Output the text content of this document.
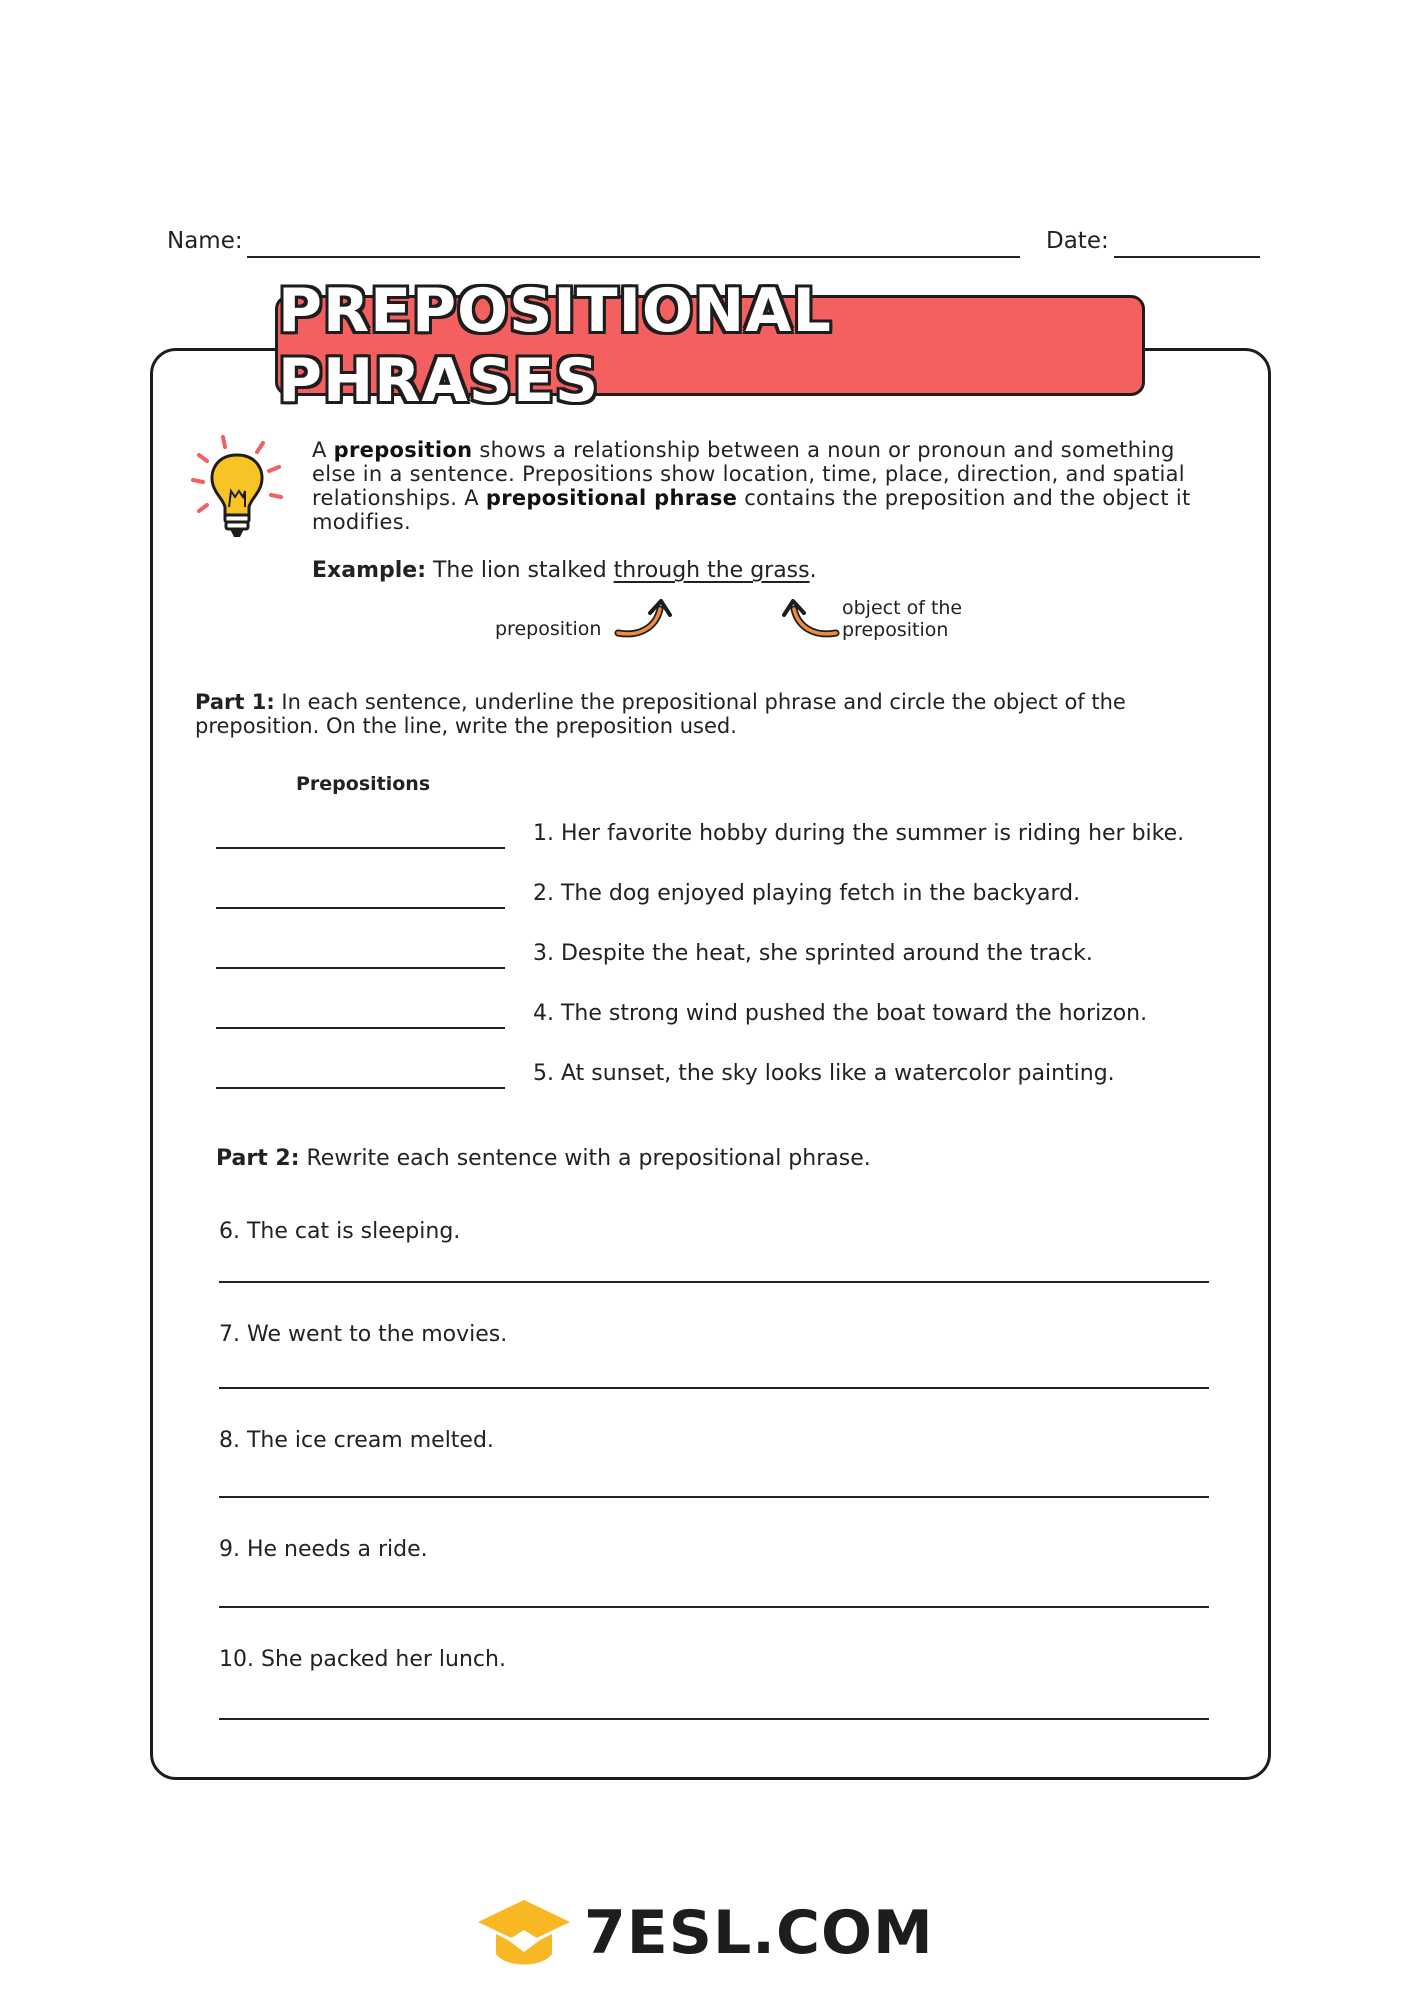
Name:	Date:
PREPOSITIONAL PHRASES
A preposition shows a relationship between a noun or pronoun and something else in a sentence. Prepositions show location, time, place, direction, and spatial relationships. A prepositional phrase contains the preposition and the object it modifies.
Example: The lion stalked through the grass.
preposition
object of the
preposition
Part 1: In each sentence, underline the prepositional phrase and circle the object of the preposition. On the line, write the preposition used.
Prepositions
1. Her favorite hobby during the summer is riding her bike.
2. The dog enjoyed playing fetch in the backyard.
3. Despite the heat, she sprinted around the track.
4. The strong wind pushed the boat toward the horizon.
5. At sunset, the sky looks like a watercolor painting.
Part 2: Rewrite each sentence with a prepositional phrase.
6. The cat is sleeping.
7. We went to the movies.
8. The ice cream melted.
9. He needs a ride.
10. She packed her lunch.
7ESL.COM
